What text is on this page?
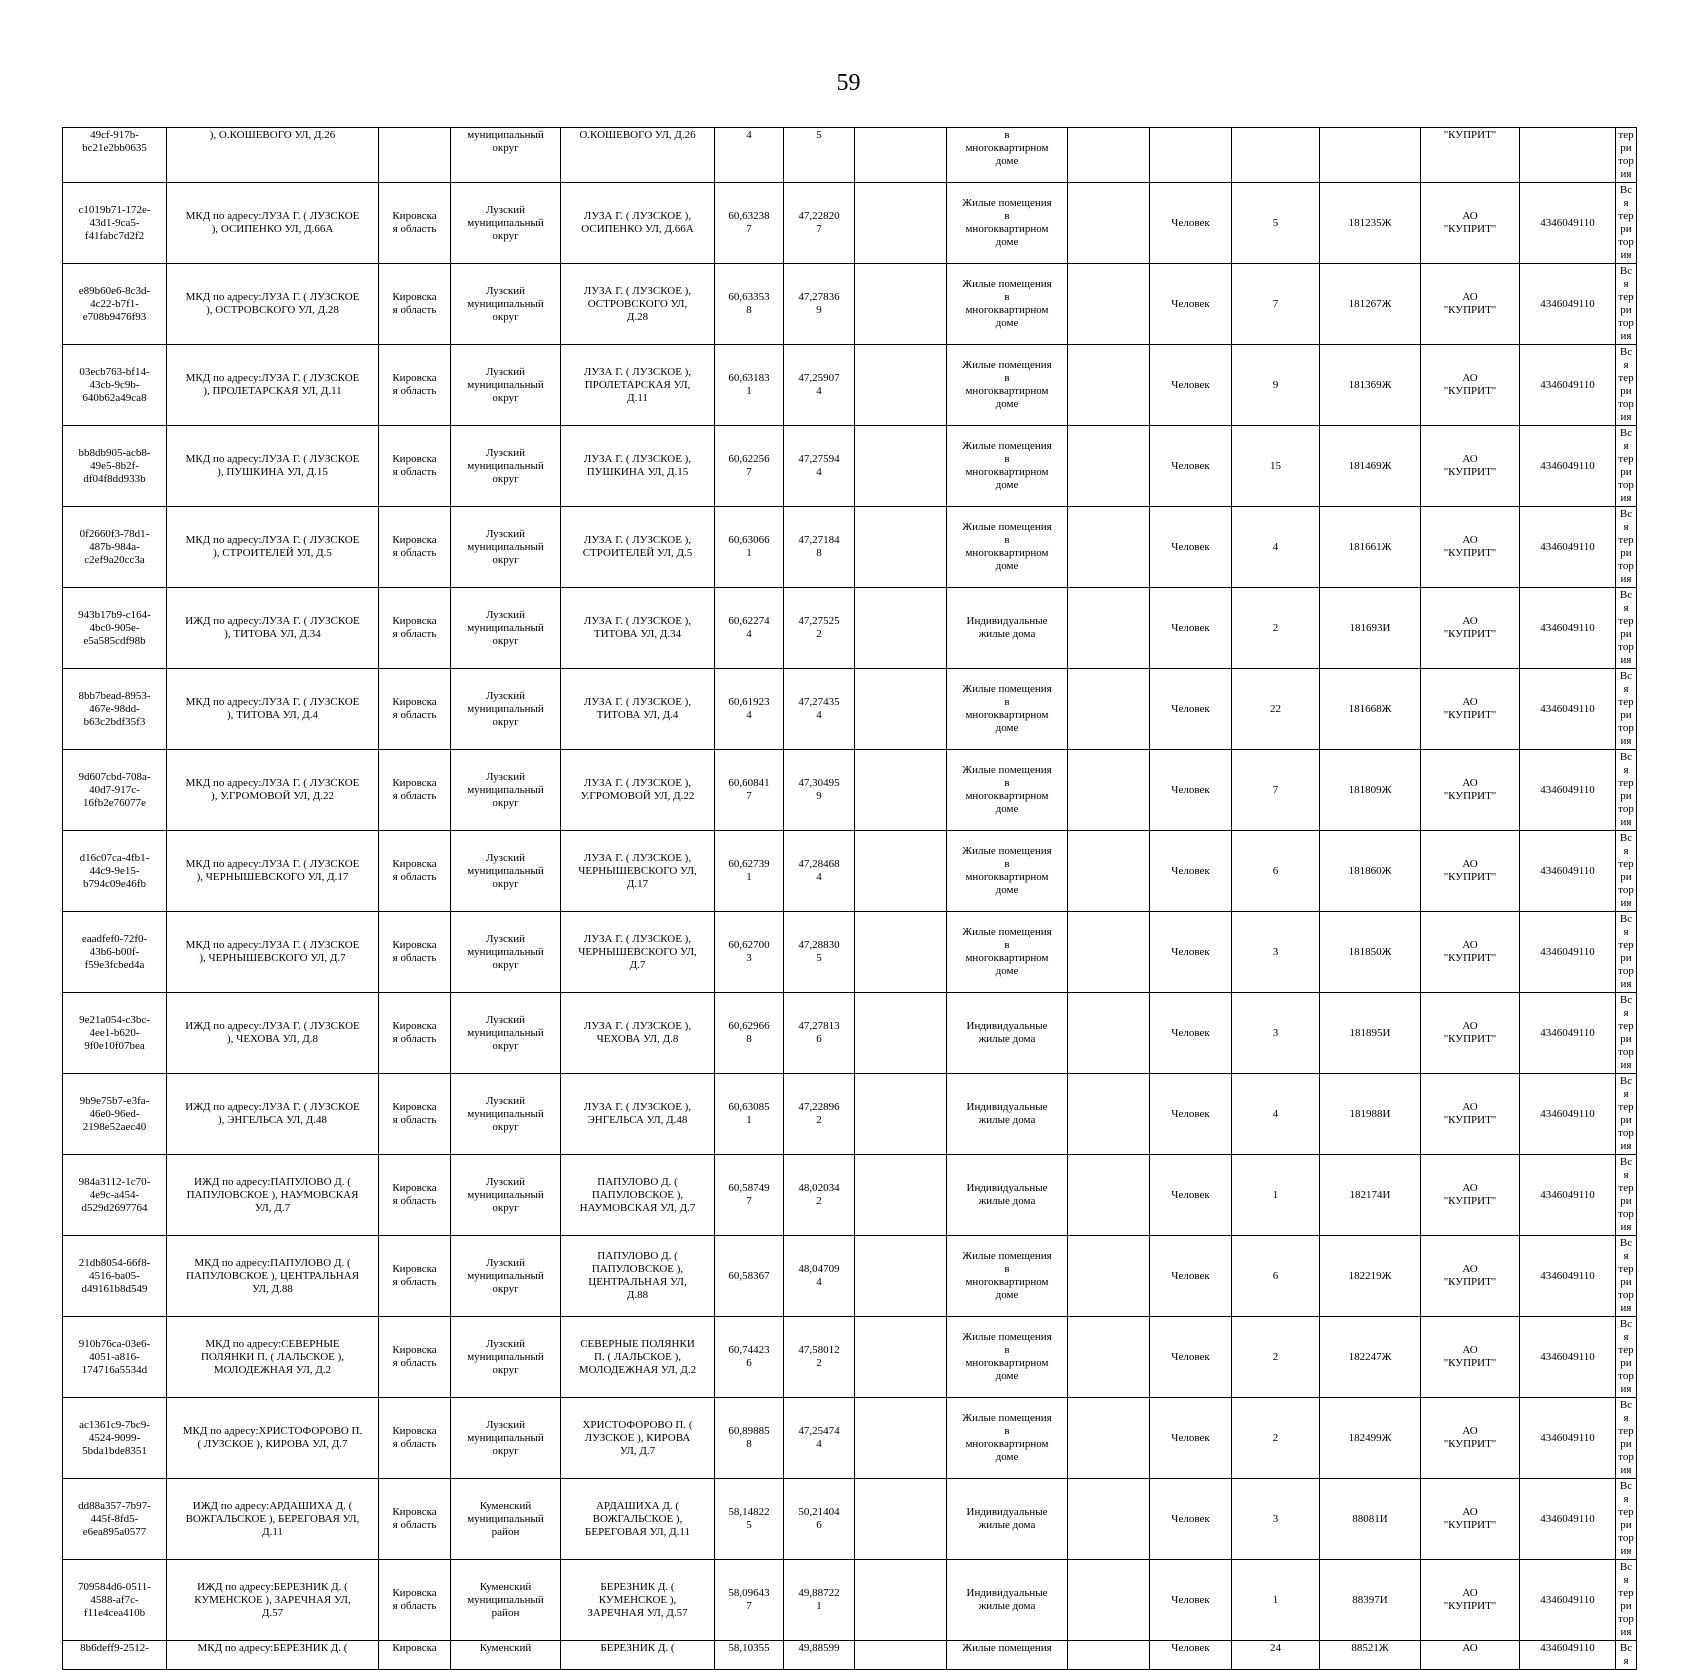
59
49cf-917b-
bc21e2bb0635	), О.КОШЕВОГО УЛ, Д.26		муниципальный
округ	О.КОШЕВОГО УЛ, Д.26	4	5		в
многоквартирном
доме					"КУПРИТ"		территория
c1019b71-172e-
43d1-9ca5-
f41fabc7d2f2	МКД по адресу:ЛУЗА Г. ( ЛУЗСКОЕ
), ОСИПЕНКО УЛ, Д.66А	Кировска
я область	Лузский
муниципальный
округ	ЛУЗА Г. ( ЛУЗСКОЕ ),
ОСИПЕНКО УЛ, Д.66А	60,63238
7	47,22820
7		Жилые помещения
в
многоквартирном
доме		Человек	5	181235Ж	АО
"КУПРИТ"	4346049110	Вся
территория
e89b60e6-8c3d-
4c22-b7f1-
e708b9476f93	МКД по адресу:ЛУЗА Г. ( ЛУЗСКОЕ
), ОСТРОВСКОГО УЛ, Д.28	Кировска
я область	Лузский
муниципальный
округ	ЛУЗА Г. ( ЛУЗСКОЕ ),
ОСТРОВСКОГО УЛ,
Д.28	60,63353
8	47,27836
9		Жилые помещения
в
многоквартирном
доме		Человек	7	181267Ж	АО
"КУПРИТ"	4346049110	Вся
территория
03ecb763-bf14-
43cb-9c9b-
640b62a49ca8	МКД по адресу:ЛУЗА Г. ( ЛУЗСКОЕ
), ПРОЛЕТАРСКАЯ УЛ, Д.11	Кировска
я область	Лузский
муниципальный
округ	ЛУЗА Г. ( ЛУЗСКОЕ ),
ПРОЛЕТАРСКАЯ УЛ,
Д.11	60,63183
1	47,25907
4		Жилые помещения
в
многоквартирном
доме		Человек	9	181369Ж	АО
"КУПРИТ"	4346049110	Вся
территория
bb8db905-acb8-
49e5-8b2f-
df04f8dd933b	МКД по адресу:ЛУЗА Г. ( ЛУЗСКОЕ
), ПУШКИНА УЛ, Д.15	Кировска
я область	Лузский
муниципальный
округ	ЛУЗА Г. ( ЛУЗСКОЕ ),
ПУШКИНА УЛ, Д.15	60,62256
7	47,27594
4		Жилые помещения
в
многоквартирном
доме		Человек	15	181469Ж	АО
"КУПРИТ"	4346049110	Вся
территория
0f2660f3-78d1-
487b-984a-
c2ef9a20cc3a	МКД по адресу:ЛУЗА Г. ( ЛУЗСКОЕ
), СТРОИТЕЛЕЙ УЛ, Д.5	Кировска
я область	Лузский
муниципальный
округ	ЛУЗА Г. ( ЛУЗСКОЕ ),
СТРОИТЕЛЕЙ УЛ, Д.5	60,63066
1	47,27184
8		Жилые помещения
в
многоквартирном
доме		Человек	4	181661Ж	АО
"КУПРИТ"	4346049110	Вся
территория
943b17b9-c164-
4bc0-905e-
e5a585cdf98b	ИЖД по адресу:ЛУЗА Г. ( ЛУЗСКОЕ
), ТИТОВА УЛ, Д.34	Кировска
я область	Лузский
муниципальный
округ	ЛУЗА Г. ( ЛУЗСКОЕ ),
ТИТОВА УЛ, Д.34	60,62274
4	47,27525
2		Индивидуальные
жилые дома		Человек	2	181693И	АО
"КУПРИТ"	4346049110	Вся
территория
8bb7bead-8953-
467e-98dd-
b63c2bdf35f3	МКД по адресу:ЛУЗА Г. ( ЛУЗСКОЕ
), ТИТОВА УЛ, Д.4	Кировска
я область	Лузский
муниципальный
округ	ЛУЗА Г. ( ЛУЗСКОЕ ),
ТИТОВА УЛ, Д.4	60,61923
4	47,27435
4		Жилые помещения
в
многоквартирном
доме		Человек	22	181668Ж	АО
"КУПРИТ"	4346049110	Вся
территория
9d607cbd-708a-
40d7-917c-
16fb2e76077e	МКД по адресу:ЛУЗА Г. ( ЛУЗСКОЕ
), У.ГРОМОВОЙ УЛ, Д.22	Кировска
я область	Лузский
муниципальный
округ	ЛУЗА Г. ( ЛУЗСКОЕ ),
У.ГРОМОВОЙ УЛ, Д.22	60,60841
7	47,30495
9		Жилые помещения
в
многоквартирном
доме		Человек	7	181809Ж	АО
"КУПРИТ"	4346049110	Вся
территория
d16c07ca-4fb1-
44c9-9e15-
b794c09e46fb	МКД по адресу:ЛУЗА Г. ( ЛУЗСКОЕ
), ЧЕРНЫШЕВСКОГО УЛ, Д.17	Кировска
я область	Лузский
муниципальный
округ	ЛУЗА Г. ( ЛУЗСКОЕ ),
ЧЕРНЫШЕВСКОГО УЛ,
Д.17	60,62739
1	47,28468
4		Жилые помещения
в
многоквартирном
доме		Человек	6	181860Ж	АО
"КУПРИТ"	4346049110	Вся
территория
eaadfef0-72f0-
43b6-b00f-
f59e3fcbed4a	МКД по адресу:ЛУЗА Г. ( ЛУЗСКОЕ
), ЧЕРНЫШЕВСКОГО УЛ, Д.7	Кировска
я область	Лузский
муниципальный
округ	ЛУЗА Г. ( ЛУЗСКОЕ ),
ЧЕРНЫШЕВСКОГО УЛ,
Д.7	60,62700
3	47,28830
5		Жилые помещения
в
многоквартирном
доме		Человек	3	181850Ж	АО
"КУПРИТ"	4346049110	Вся
территория
9e21a054-c3bc-
4ee1-b620-
9f0e10f07bea	ИЖД по адресу:ЛУЗА Г. ( ЛУЗСКОЕ
), ЧЕХОВА УЛ, Д.8	Кировска
я область	Лузский
муниципальный
округ	ЛУЗА Г. ( ЛУЗСКОЕ ),
ЧЕХОВА УЛ, Д.8	60,62966
8	47,27813
6		Индивидуальные
жилые дома		Человек	3	181895И	АО
"КУПРИТ"	4346049110	Вся
территория
9b9e75b7-e3fa-
46e0-96ed-
2198e52aec40	ИЖД по адресу:ЛУЗА Г. ( ЛУЗСКОЕ
), ЭНГЕЛЬСА УЛ, Д.48	Кировска
я область	Лузский
муниципальный
округ	ЛУЗА Г. ( ЛУЗСКОЕ ),
ЭНГЕЛЬСА УЛ, Д.48	60,63085
1	47,22896
2		Индивидуальные
жилые дома		Человек	4	181988И	АО
"КУПРИТ"	4346049110	Вся
территория
984a3112-1c70-
4e9c-a454-
d529d2697764	ИЖД по адресу:ПАПУЛОВО Д. (
ПАПУЛОВСКОЕ ), НАУМОВСКАЯ
УЛ, Д.7	Кировска
я область	Лузский
муниципальный
округ	ПАПУЛОВО Д. (
ПАПУЛОВСКОЕ ),
НАУМОВСКАЯ УЛ, Д.7	60,58749
7	48,02034
2		Индивидуальные
жилые дома		Человек	1	182174И	АО
"КУПРИТ"	4346049110	Вся
территория
21db8054-66f8-
4516-ba05-
d49161b8d549	МКД по адресу:ПАПУЛОВО Д. (
ПАПУЛОВСКОЕ ), ЦЕНТРАЛЬНАЯ
УЛ, Д.88	Кировска
я область	Лузский
муниципальный
округ	ПАПУЛОВО Д. (
ПАПУЛОВСКОЕ ),
ЦЕНТРАЛЬНАЯ УЛ,
Д.88	60,58367	48,04709
4		Жилые помещения
в
многоквартирном
доме		Человек	6	182219Ж	АО
"КУПРИТ"	4346049110	Вся
территория
910b76ca-03e6-
4051-a816-
174716a5534d	МКД по адресу:СЕВЕРНЫЕ
ПОЛЯНКИ П. ( ЛАЛЬСКОЕ ),
МОЛОДЕЖНАЯ УЛ, Д.2	Кировска
я область	Лузский
муниципальный
округ	СЕВЕРНЫЕ ПОЛЯНКИ
П. ( ЛАЛЬСКОЕ ),
МОЛОДЕЖНАЯ УЛ, Д.2	60,74423
6	47,58012
2		Жилые помещения
в
многоквартирном
доме		Человек	2	182247Ж	АО
"КУПРИТ"	4346049110	Вся
территория
ac1361c9-7bc9-
4524-9099-
5bda1bde8351	МКД по адресу:ХРИСТОФОРОВО П.
( ЛУЗСКОЕ ), КИРОВА УЛ, Д.7	Кировска
я область	Лузский
муниципальный
округ	ХРИСТОФОРОВО П. (
ЛУЗСКОЕ ), КИРОВА
УЛ, Д.7	60,89885
8	47,25474
4		Жилые помещения
в
многоквартирном
доме		Человек	2	182499Ж	АО
"КУПРИТ"	4346049110	Вся
территория
dd88a357-7b97-
445f-8fd5-
e6ea895a0577	ИЖД по адресу:АРДАШИХА Д. (
ВОЖГАЛЬСКОЕ ), БЕРЕГОВАЯ УЛ,
Д.11	Кировска
я область	Куменский
муниципальный
район	АРДАШИХА Д. (
ВОЖГАЛЬСКОЕ ),
БЕРЕГОВАЯ УЛ, Д.11	58,14822
5	50,21404
6		Индивидуальные
жилые дома		Человек	3	88081И	АО
"КУПРИТ"	4346049110	Вся
территория
709584d6-0511-
4588-af7c-
f11e4cea410b	ИЖД по адресу:БЕРЕЗНИК Д. (
КУМЕНСКОЕ ), ЗАРЕЧНАЯ УЛ,
Д.57	Кировска
я область	Куменский
муниципальный
район	БЕРЕЗНИК Д. (
КУМЕНСКОЕ ),
ЗАРЕЧНАЯ УЛ, Д.57	58,09643
7	49,88722
1		Индивидуальные
жилые дома		Человек	1	88397И	АО
"КУПРИТ"	4346049110	Вся
территория
8b6deff9-2512-	МКД по адресу:БЕРЕЗНИК Д. (	Кировска	Куменский	БЕРЕЗНИК Д. (	58,10355	49,88599		Жилые помещения		Человек	24	88521Ж	АО	4346049110	Вся
